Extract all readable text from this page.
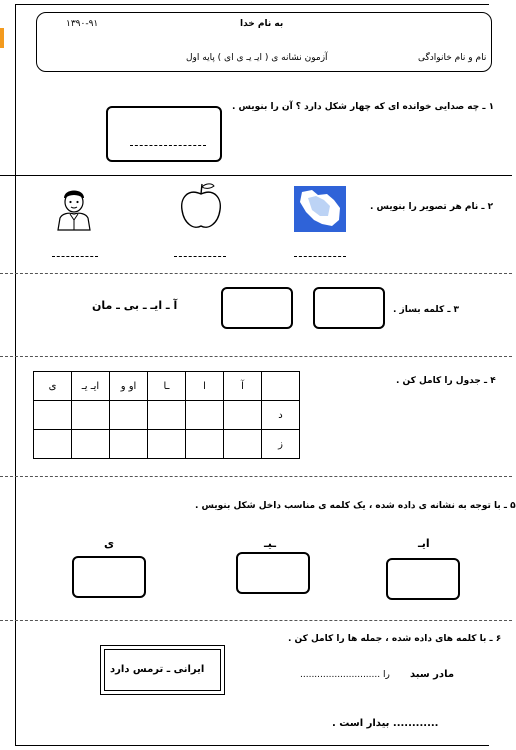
به نام خدا
۱۳۹۰-۹۱
نام و نام خانوادگی
آزمون نشانه ی ( ایـ یـ ی ای ) پایه اول
۱ ـ چه صدایی خوانده ای که چهار شکل دارد ؟ آن را بنویس .
۲ ـ نام هر تصویر را بنویس .
۳ ـ کلمه بساز .
آ ـ ایـ ـ بی ـ مان
۴ ـ جدول را کامل کن .
	آ	ا	ـا	او و	ایـ یـ	ی
د						
ز						
۵ ـ با توجه به نشانه ی داده شده ، یک کلمه ی مناسب داخل شکل بنویس .
ایـ
ـیـ
ی
۶ ـ با کلمه های داده شده ، جمله ها را کامل کن .
ایرانی ـ ترمس دارد	مادر سبد
را ............................
............ بیدار است .
